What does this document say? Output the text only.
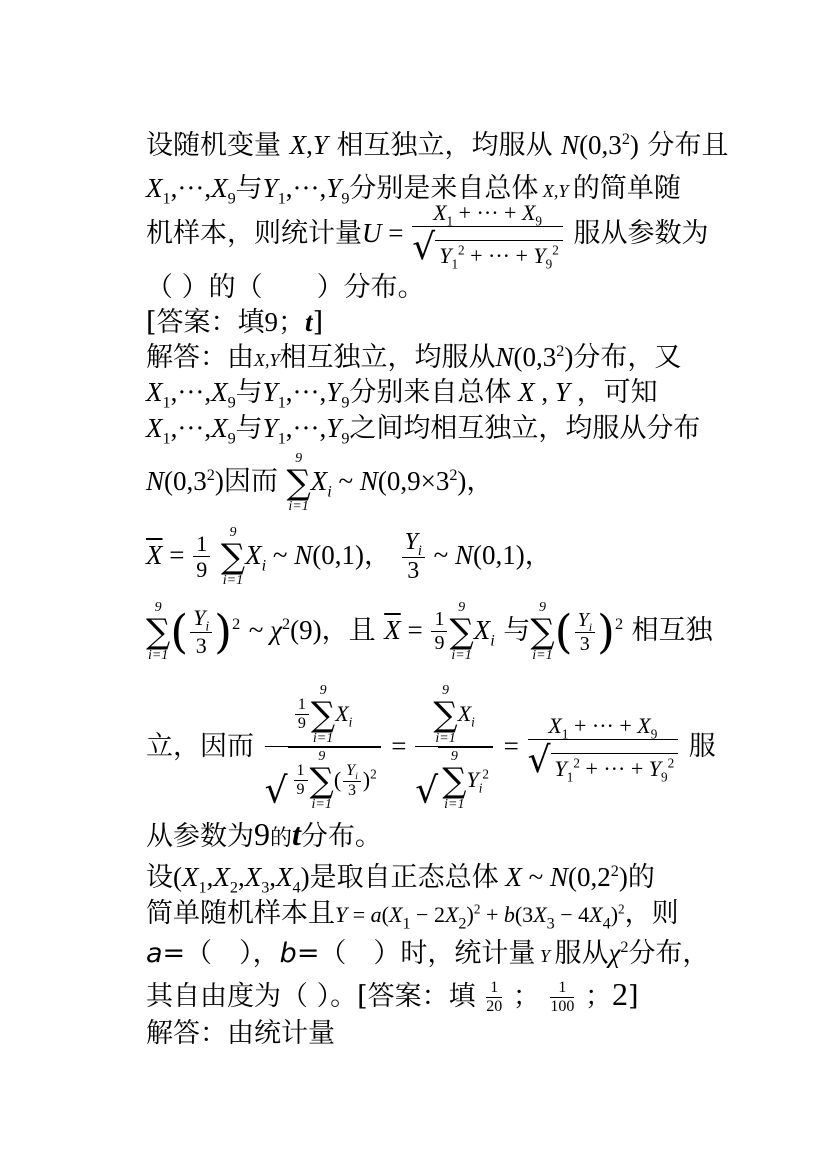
设随机变量 X,Y 相互独立，均服从 $N(0,3^2)$ 分布且
$X_1,\cdot\cdot\cdot,X_9$与$Y_1,\cdot\cdot\cdot,Y_9$分别是来自总体 X,Y 的简单随
机样本，则统计量$U = \frac{X_1 + \cdot\cdot\cdot + X_9}{√ Y_1^2 + \cdot\cdot\cdot + Y_9^2}$ 服从参数为
（ ）的（　　）分布。
[答案：填9；t]
解答：由X,Y相互独立，均服从$N(0,3^2)$分布，又
$X_1,\cdot\cdot\cdot,X_9$与$Y_1,\cdot\cdot\cdot,Y_9$分别来自总体 X , Y ，可知
$X_1,\cdot\cdot\cdot,X_9$与$Y_1,\cdot\cdot\cdot,Y_9$之间均相互独立，均服从分布
$N(0,3^2)$因而
9
∑
i=1
$X_i$ ~ $N(0,9\times 3^2)$，
$\overline{X} = \frac{1}{9}$
	9
∑
i=1
$X_i$ ~ N(0,1)， $\frac{Y_i}{3}$ ~ N(0,1)，
9
∑
i=1 ( $\frac{Y_i}{3} )^2$ ~ $\chi^2(9)$，且 $\overline{X} = \frac{1}{9}$
9
∑
i=1
$X_i$ 与
9
∑
i=1 ( $\frac{Y_i}{3} )^2$ 相互独
立，因而 $\frac{1}{9}$
9
∑
i=1
$X_i$
√ $\frac{1}{9}$
9
∑
i=1
( $\frac{Y_i}{3} )^2 = 9$
∑
i=1
$X_i$
√
9
∑
i=1
$Y_i^2 = \frac{X_1 + \cdot\cdot\cdot + X_9}{√ Y_1^2 + \cdot\cdot\cdot + Y_9^2}$ 服
从参数为9的t分布。
设$(X_1,X_2,X_3,X_4)$是取自正态总体 X ~ $N(0,2^2)$的
简单随机样本且$Y = a(X_1 - 2X_2)^2 + b(3X_3 - 4X_4)^2$，则
a=（　），b=（　）时，统计量 Y 服从$\chi^2$分布，
其自由度为（ ）。[答案：填 $\frac{1}{20}$ ； $\frac{1}{100}$ ；2]
解答：由统计量
